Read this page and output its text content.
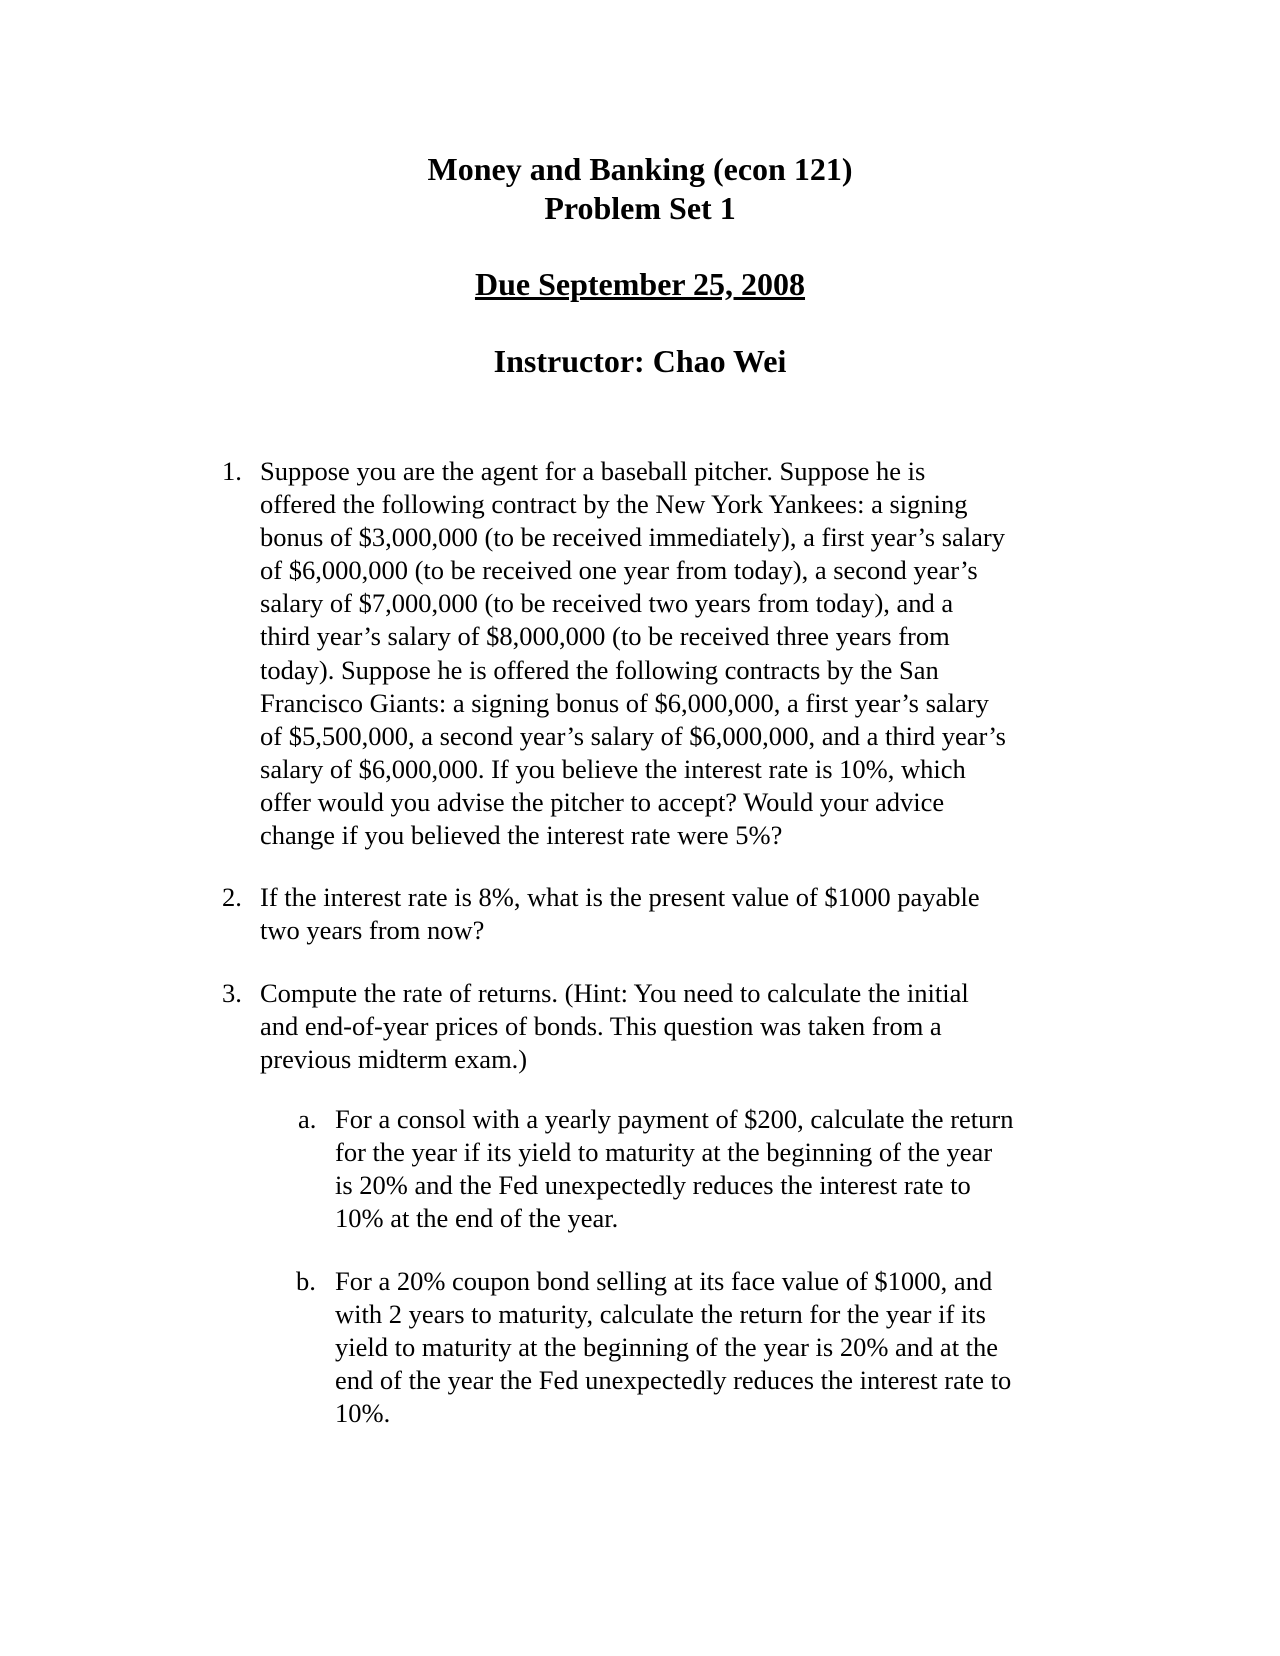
Money and Banking (econ 121)
Problem Set 1
Due September 25, 2008
Instructor: Chao Wei
1. Suppose you are the agent for a baseball pitcher. Suppose he is
offered the following contract by the New York Yankees: a signing
bonus of $3,000,000 (to be received immediately), a first year’s salary
of $6,000,000 (to be received one year from today), a second year’s
salary of $7,000,000 (to be received two years from today), and a
third year’s salary of $8,000,000 (to be received three years from
today). Suppose he is offered the following contracts by the San
Francisco Giants: a signing bonus of $6,000,000, a first year’s salary
of $5,500,000, a second year’s salary of $6,000,000, and a third year’s
salary of $6,000,000. If you believe the interest rate is 10%, which
offer would you advise the pitcher to accept? Would your advice
change if you believed the interest rate were 5%?
2. If the interest rate is 8%, what is the present value of $1000 payable
two years from now?
3. Compute the rate of returns. (Hint: You need to calculate the initial
and end-of-year prices of bonds. This question was taken from a
previous midterm exam.)
a. For a consol with a yearly payment of $200, calculate the return
for the year if its yield to maturity at the beginning of the year
is 20% and the Fed unexpectedly reduces the interest rate to
10% at the end of the year.
b. For a 20% coupon bond selling at its face value of $1000, and
with 2 years to maturity, calculate the return for the year if its
yield to maturity at the beginning of the year is 20% and at the
end of the year the Fed unexpectedly reduces the interest rate to
10%.
